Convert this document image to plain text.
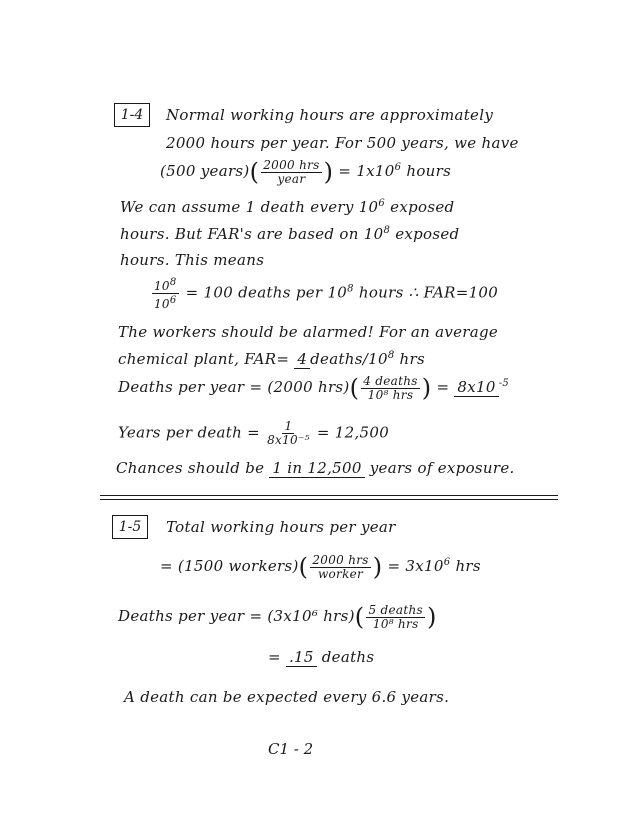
1-4	Normal working hours are approximately
2000 hours per year. For 500 years, we have
(500 years)( $\frac{\text{2000 hrs}}{\text{year}}$ ) = $1x10^6$ hours
We can assume 1 death every $10^6$ exposed
hours. But FAR's are based on $10^8$ exposed
hours. This means
$\frac{10^8}{10^6} = 100$ deaths per $10^8$ hours ∴ FAR=100
The workers should be alarmed! For an average
chemical plant, FAR= 4 deaths/$10^8$ hrs
Deaths per year = (2000 $hrs)( \frac{\text{4 deaths}}{\text{10⁸ hrs}}$ ) = 8x10 $^{-5}$
Years per death = $\frac{1}{\text{8x10⁻⁵}} = 12,500$
Chances should be 1 in 12,500 years of exposure.
1-5	Total working hours per year
= (1500 workers)( $\frac{\text{2000 hrs}}{\text{worker}}$ ) = $3x10^6$ hrs
Deaths per year = (3x10⁶ $hrs)( \frac{\text{5 deaths}}{\text{10⁸ hrs}}$ )
= .15 deaths
A death can be expected every 6.6 years.
C1 - 2
